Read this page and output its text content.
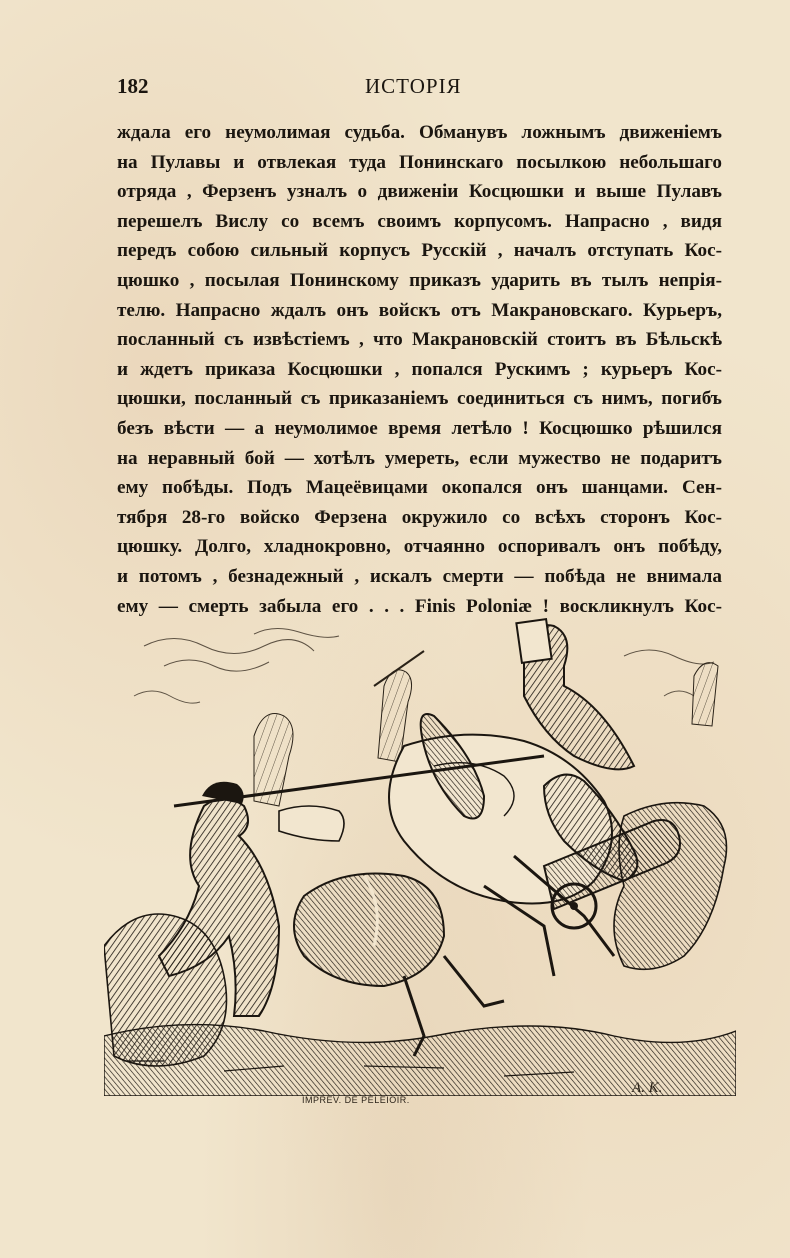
182	ИСТОРІЯ
ждала его неумолимая судьба. Обманувъ ложнымъ движенiемъ
на Пулавы и отвлекая туда Понинскаго посылкою небольшаго
отряда , Ферзенъ узналъ о движенiи Косцюшки и выше Пулавъ
перешелъ Вислу со всемъ своимъ корпусомъ. Напрасно , видя
передъ собою сильный корпусъ Русскiй , началъ отступать Кос-
цюшко , посылая Понинскому приказъ ударить въ тылъ непрiя-
телю. Напрасно ждалъ онъ войскъ отъ Макрановскаго. Курьеръ,
посланный съ извѣстiемъ , что Макрановскiй стоитъ въ Бѣльскѣ
и ждетъ приказа Косцюшки , попался Рускимъ ; курьеръ Кос-
цюшки, посланный съ приказанiемъ соединиться съ нимъ, погибъ
безъ вѣсти — а неумолимое время летѣло ! Косцюшко рѣшился
на неравный бой — хотѣлъ умереть, если мужество не подаритъ
ему побѣды. Подъ Мацеёвицами окопался онъ шанцами. Сен-
тября 28-го войско Ферзена окружило со всѣхъ сторонъ Кос-
цюшку. Долго, хладнокровно, отчаянно оспоривалъ онъ побѣду,
и потомъ , безнадежный , искалъ смерти — побѣда не внимала
ему — смерть забыла его . . . Finis Poloniæ ! воскликнулъ Кос-
IMPREV. DE PELEIOIR.
A. K.
